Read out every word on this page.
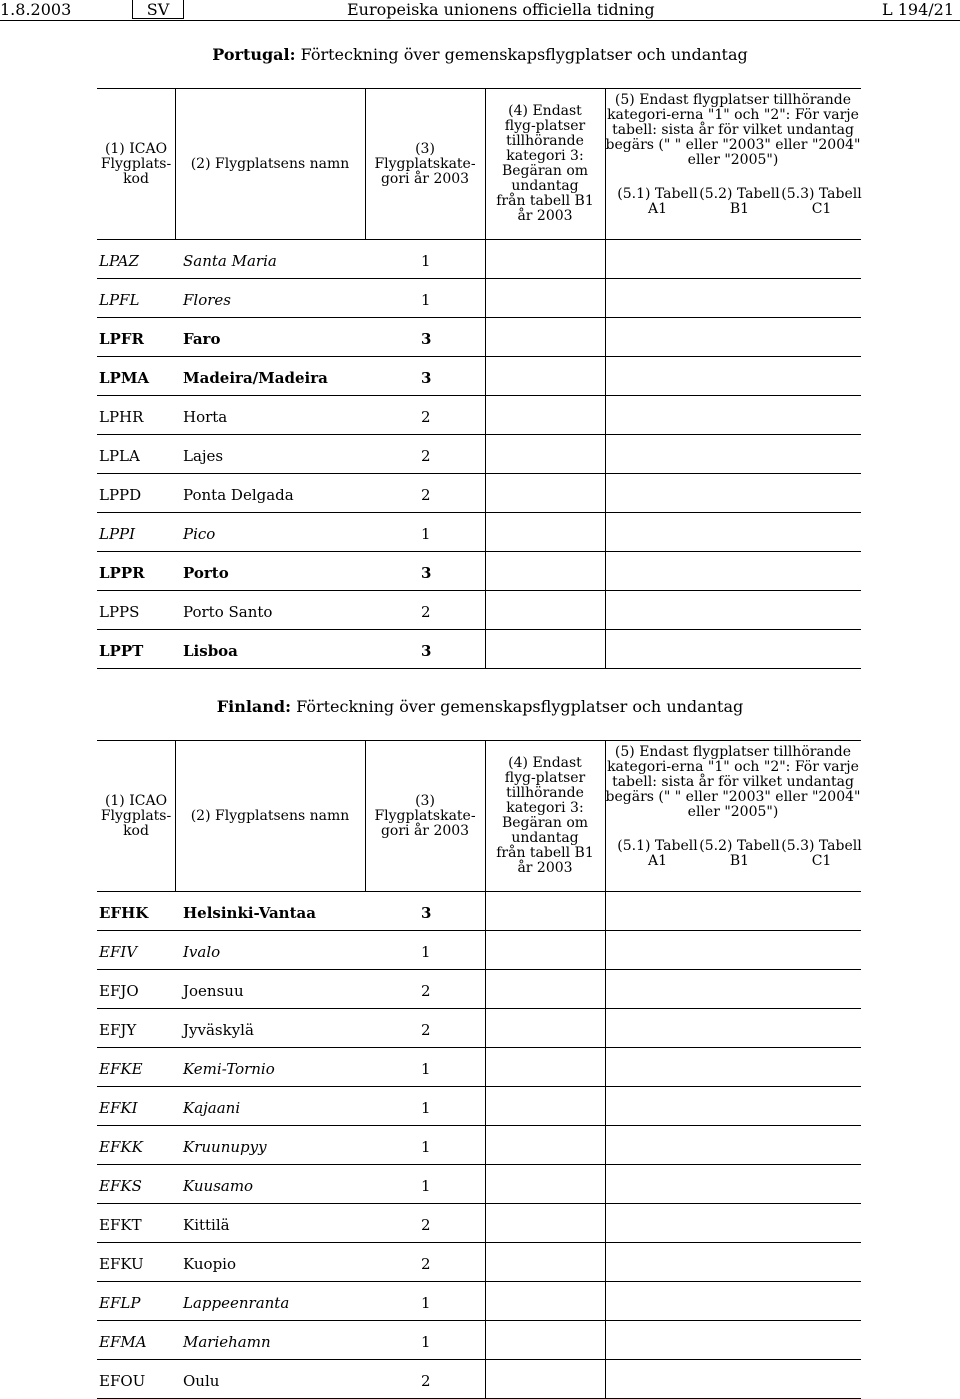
1.8.2003	SV	Europeiska unionens officiella tidning	L 194/21
Portugal: Förteckning över gemenskapsflygplatser och undantag
(1) ICAO Flygplats-kod
(2) Flygplatsens namn
(3) Flygplatskate-gori år 2003
(4) Endast flyg-platser tillhörande kategori 3: Begäran om undantag från tabell B1 år 2003
(5) Endast flygplatser tillhörande kategori-erna "1" och "2": För varje tabell: sista år för vilket undantag begärs (" " eller "2003" eller "2004" eller "2005")
(5.1) Tabell A1
(5.2) Tabell B1
(5.3) Tabell C1
LPAZ	Santa Maria	1
LPFL	Flores	1
LPFR	Faro	3
LPMA Madeira/Madeira	3
LPHR	Horta	2
LPLA	Lajes	2
LPPD	Ponta Delgada	2
LPPI	Pico	1
LPPR	Porto	3
LPPS	Porto Santo	2
LPPT	Lisboa	3
Finland: Förteckning över gemenskapsflygplatser och undantag
(1) ICAO Flygplats-kod
(2) Flygplatsens namn
(3) Flygplatskate-gori år 2003
(4) Endast flyg-platser tillhörande kategori 3: Begäran om undantag från tabell B1 år 2003
(5) Endast flygplatser tillhörande kategori-erna "1" och "2": För varje tabell: sista år för vilket undantag begärs (" " eller "2003" eller "2004" eller "2005")
(5.1) Tabell A1
(5.2) Tabell B1
(5.3) Tabell C1
EFHK Helsinki-Vantaa	3
EFIV	Ivalo	1
EFJO	Joensuu	2
EFJY	Jyväskylä	2
EFKE	Kemi-Tornio	1
EFKI	Kajaani	1
EFKK	Kruunupyy	1
EFKS	Kuusamo	1
EFKT	Kittilä	2
EFKU	Kuopio	2
EFLP	Lappeenranta	1
EFMA Mariehamn	1
EFOU	Oulu	2
